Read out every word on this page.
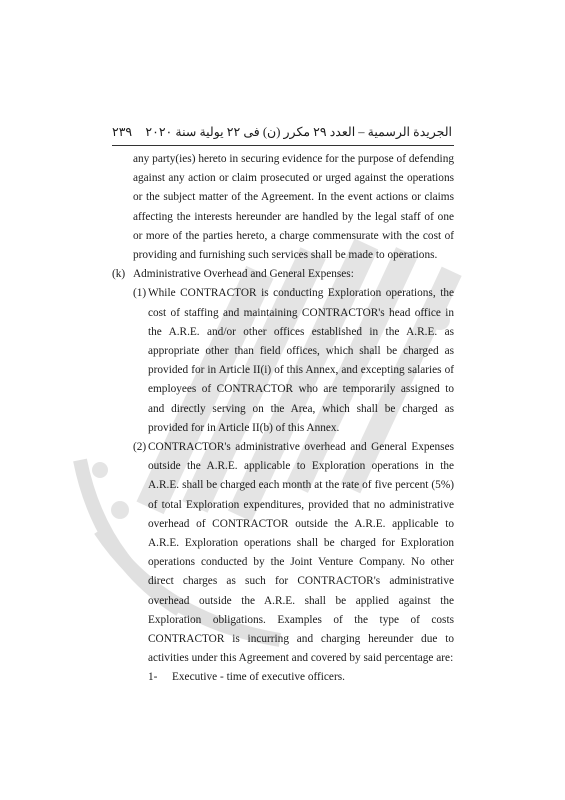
الجريدة الرسمية – العدد ٢٩ مكرر (ن) فى ٢٢ يولية سنة ٢٠٢٠
٢٣٩

any party(ies) hereto in securing evidence for the purpose of defending against any action or claim prosecuted or urged against the operations or the subject matter of the Agreement. In the event actions or claims affecting the interests hereunder are handled by the legal staff of one or more of the parties hereto, a charge commensurate with the cost of providing and furnishing such services shall be made to operations.

(k) Administrative Overhead and General Expenses:
(1) While CONTRACTOR is conducting Exploration operations, the cost of staffing and maintaining CONTRACTOR's head office in the A.R.E. and/or other offices established in the A.R.E. as appropriate other than field offices, which shall be charged as provided for in Article II(i) of this Annex, and excepting salaries of employees of CONTRACTOR who are temporarily assigned to and directly serving on the Area, which shall be charged as provided for in Article II(b) of this Annex.
(2) CONTRACTOR's administrative overhead and General Expenses outside the A.R.E. applicable to Exploration operations in the A.R.E. shall be charged each month at the rate of five percent (5%) of total Exploration expenditures, provided that no administrative overhead of CONTRACTOR outside the A.R.E. applicable to A.R.E. Exploration operations shall be charged for Exploration operations conducted by the Joint Venture Company. No other direct charges as such for CONTRACTOR's administrative overhead outside the A.R.E. shall be applied against the Exploration obligations. Examples of the type of costs CONTRACTOR is incurring and charging hereunder due to activities under this Agreement and covered by said percentage are:
1-	Executive - time of executive officers.
